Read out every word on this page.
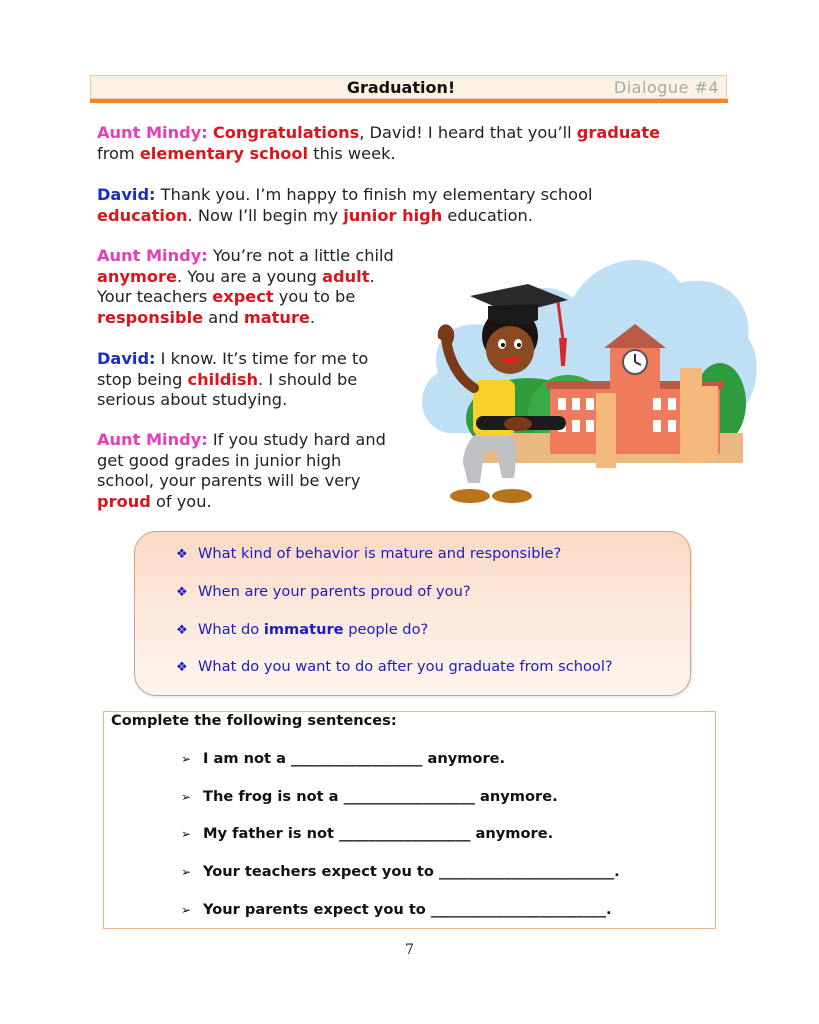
Graduation!	Dialogue #4
Aunt Mindy: Congratulations, David! I heard that you’ll graduate
from elementary school this week.
David: Thank you. I’m happy to finish my elementary school
education. Now I’ll begin my junior high education.
Aunt Mindy: You’re not a little child
anymore. You are a young adult.
Your teachers expect you to be
responsible and mature.
David: I know. It’s time for me to
stop being childish. I should be
serious about studying.
Aunt Mindy: If you study hard and
get good grades in junior high
school, your parents will be very
proud of you.
❖ What kind of behavior is mature and responsible?
❖ When are your parents proud of you?
❖ What do immature people do?
❖ What do you want to do after you graduate from school?
Complete the following sentences:
➢ I am not a __________________ anymore.
➢ The frog is not a __________________ anymore.
➢ My father is not __________________ anymore.
➢ Your teachers expect you to ________________________.
➢ Your parents expect you to ________________________.
7
